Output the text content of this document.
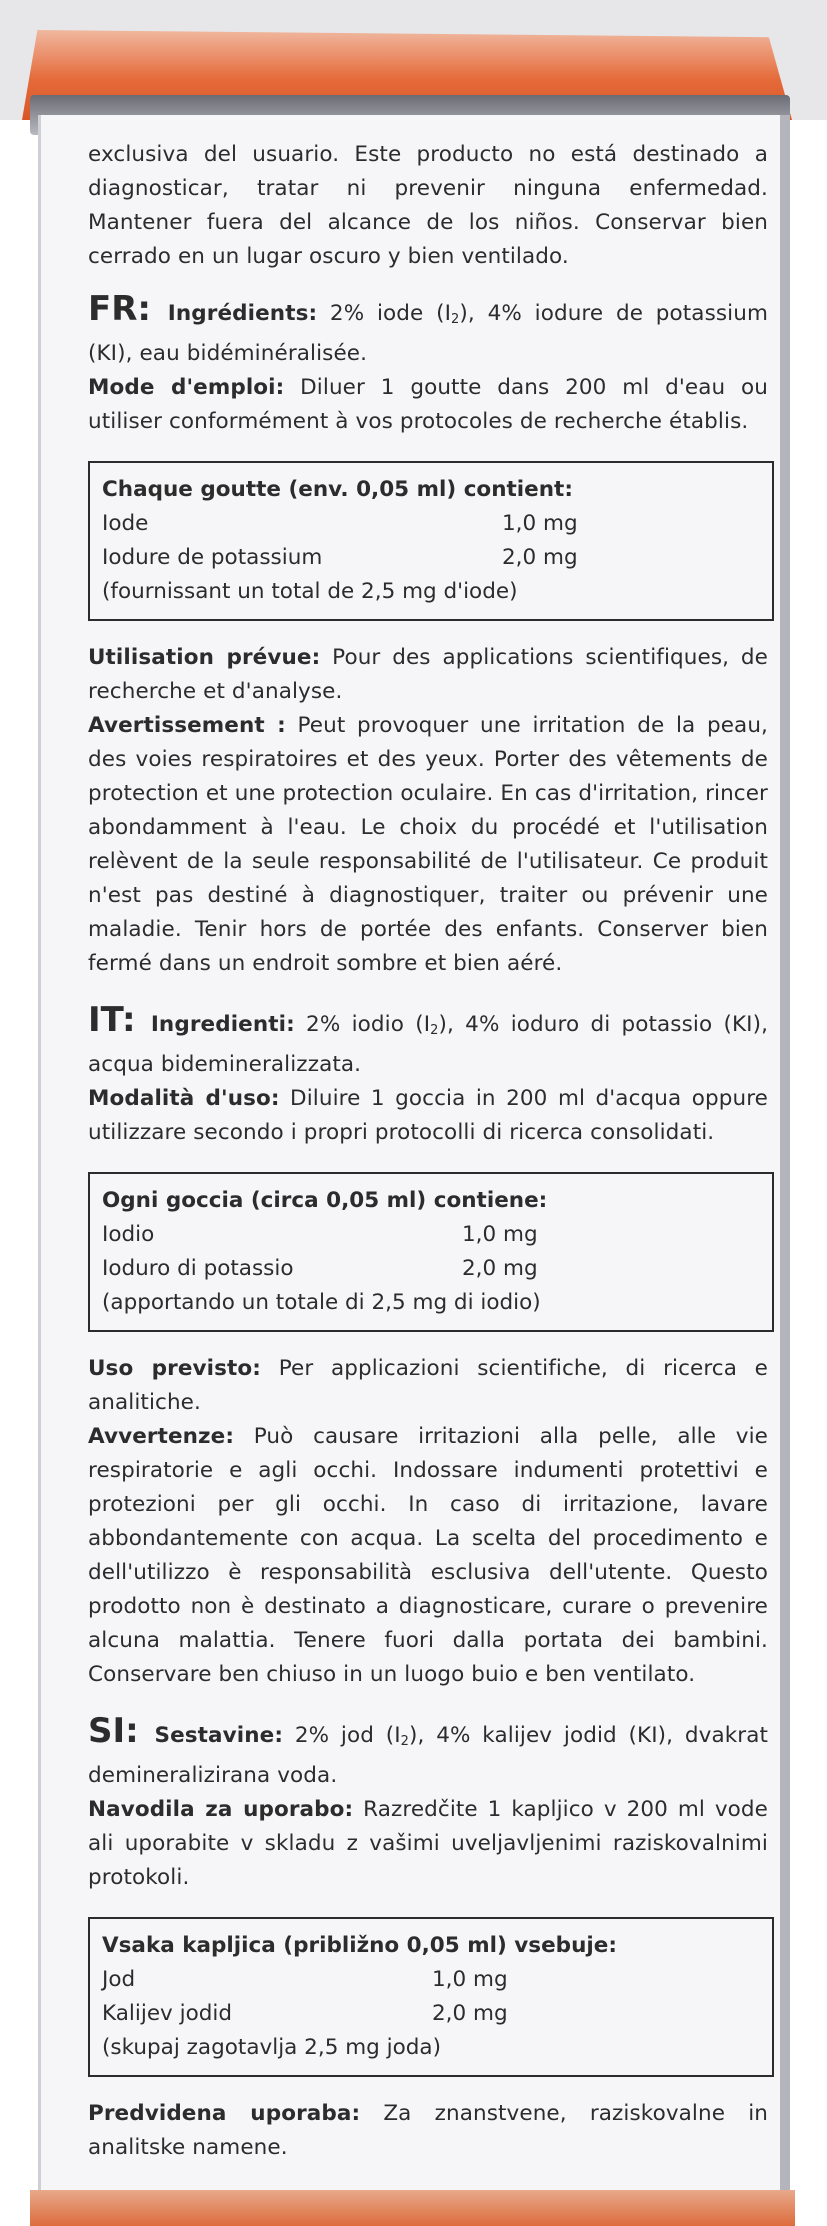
exclusiva del usuario. Este producto no está destinado a diagnosticar, tratar ni prevenir ninguna enfermedad. Mantener fuera del alcance de los niños. Conservar bien cerrado en un lugar oscuro y bien ventilado.

FR: Ingrédients: 2% iode $(I_2)$, 4% iodure de potassium (KI), eau bidéminéralisée.

Mode d'emploi: Diluer 1 goutte dans 200 ml d'eau ou utiliser conformément à vos protocoles de recherche établis.

Chaque goutte (env. 0,05 ml) contient:
Iode	1,0 mg
Iodure de potassium	2,0 mg
(fournissant un total de 2,5 mg d'iode)

Utilisation prévue: Pour des applications scientifiques, de recherche et d'analyse.

Avertissement : Peut provoquer une irritation de la peau, des voies respiratoires et des yeux. Porter des vêtements de protection et une protection oculaire. En cas d'irritation, rincer abondamment à l'eau. Le choix du procédé et l'utilisation relèvent de la seule responsabilité de l'utilisateur. Ce produit n'est pas destiné à diagnostiquer, traiter ou prévenir une maladie. Tenir hors de portée des enfants. Conserver bien fermé dans un endroit sombre et bien aéré.

IT: Ingredienti: 2% iodio $(I_2)$, 4% ioduro di potassio (KI), acqua bidemineralizzata.

Modalità d'uso: Diluire 1 goccia in 200 ml d'acqua oppure utilizzare secondo i propri protocolli di ricerca consolidati.

Ogni goccia (circa 0,05 ml) contiene:
Iodio	1,0 mg
Ioduro di potassio	2,0 mg
(apportando un totale di 2,5 mg di iodio)

Uso previsto: Per applicazioni scientifiche, di ricerca e analitiche.

Avvertenze: Può causare irritazioni alla pelle, alle vie respiratorie e agli occhi. Indossare indumenti protettivi e protezioni per gli occhi. In caso di irritazione, lavare abbondantemente con acqua. La scelta del procedimento e dell'utilizzo è responsabilità esclusiva dell'utente. Questo prodotto non è destinato a diagnosticare, curare o prevenire alcuna malattia. Tenere fuori dalla portata dei bambini. Conservare ben chiuso in un luogo buio e ben ventilato.

SI: Sestavine: 2% jod $(I_2)$, 4% kalijev jodid (KI), dvakrat demineralizirana voda.

Navodila za uporabo: Razredčite 1 kapljico v 200 ml vode ali uporabite v skladu z vašimi uveljavljenimi raziskovalnimi protokoli.

Vsaka kapljica (približno 0,05 ml) vsebuje:
Jod	1,0 mg
Kalijev jodid	2,0 mg
(skupaj zagotavlja 2,5 mg joda)

Predvidena uporaba: Za znanstvene, raziskovalne in analitske namene.
